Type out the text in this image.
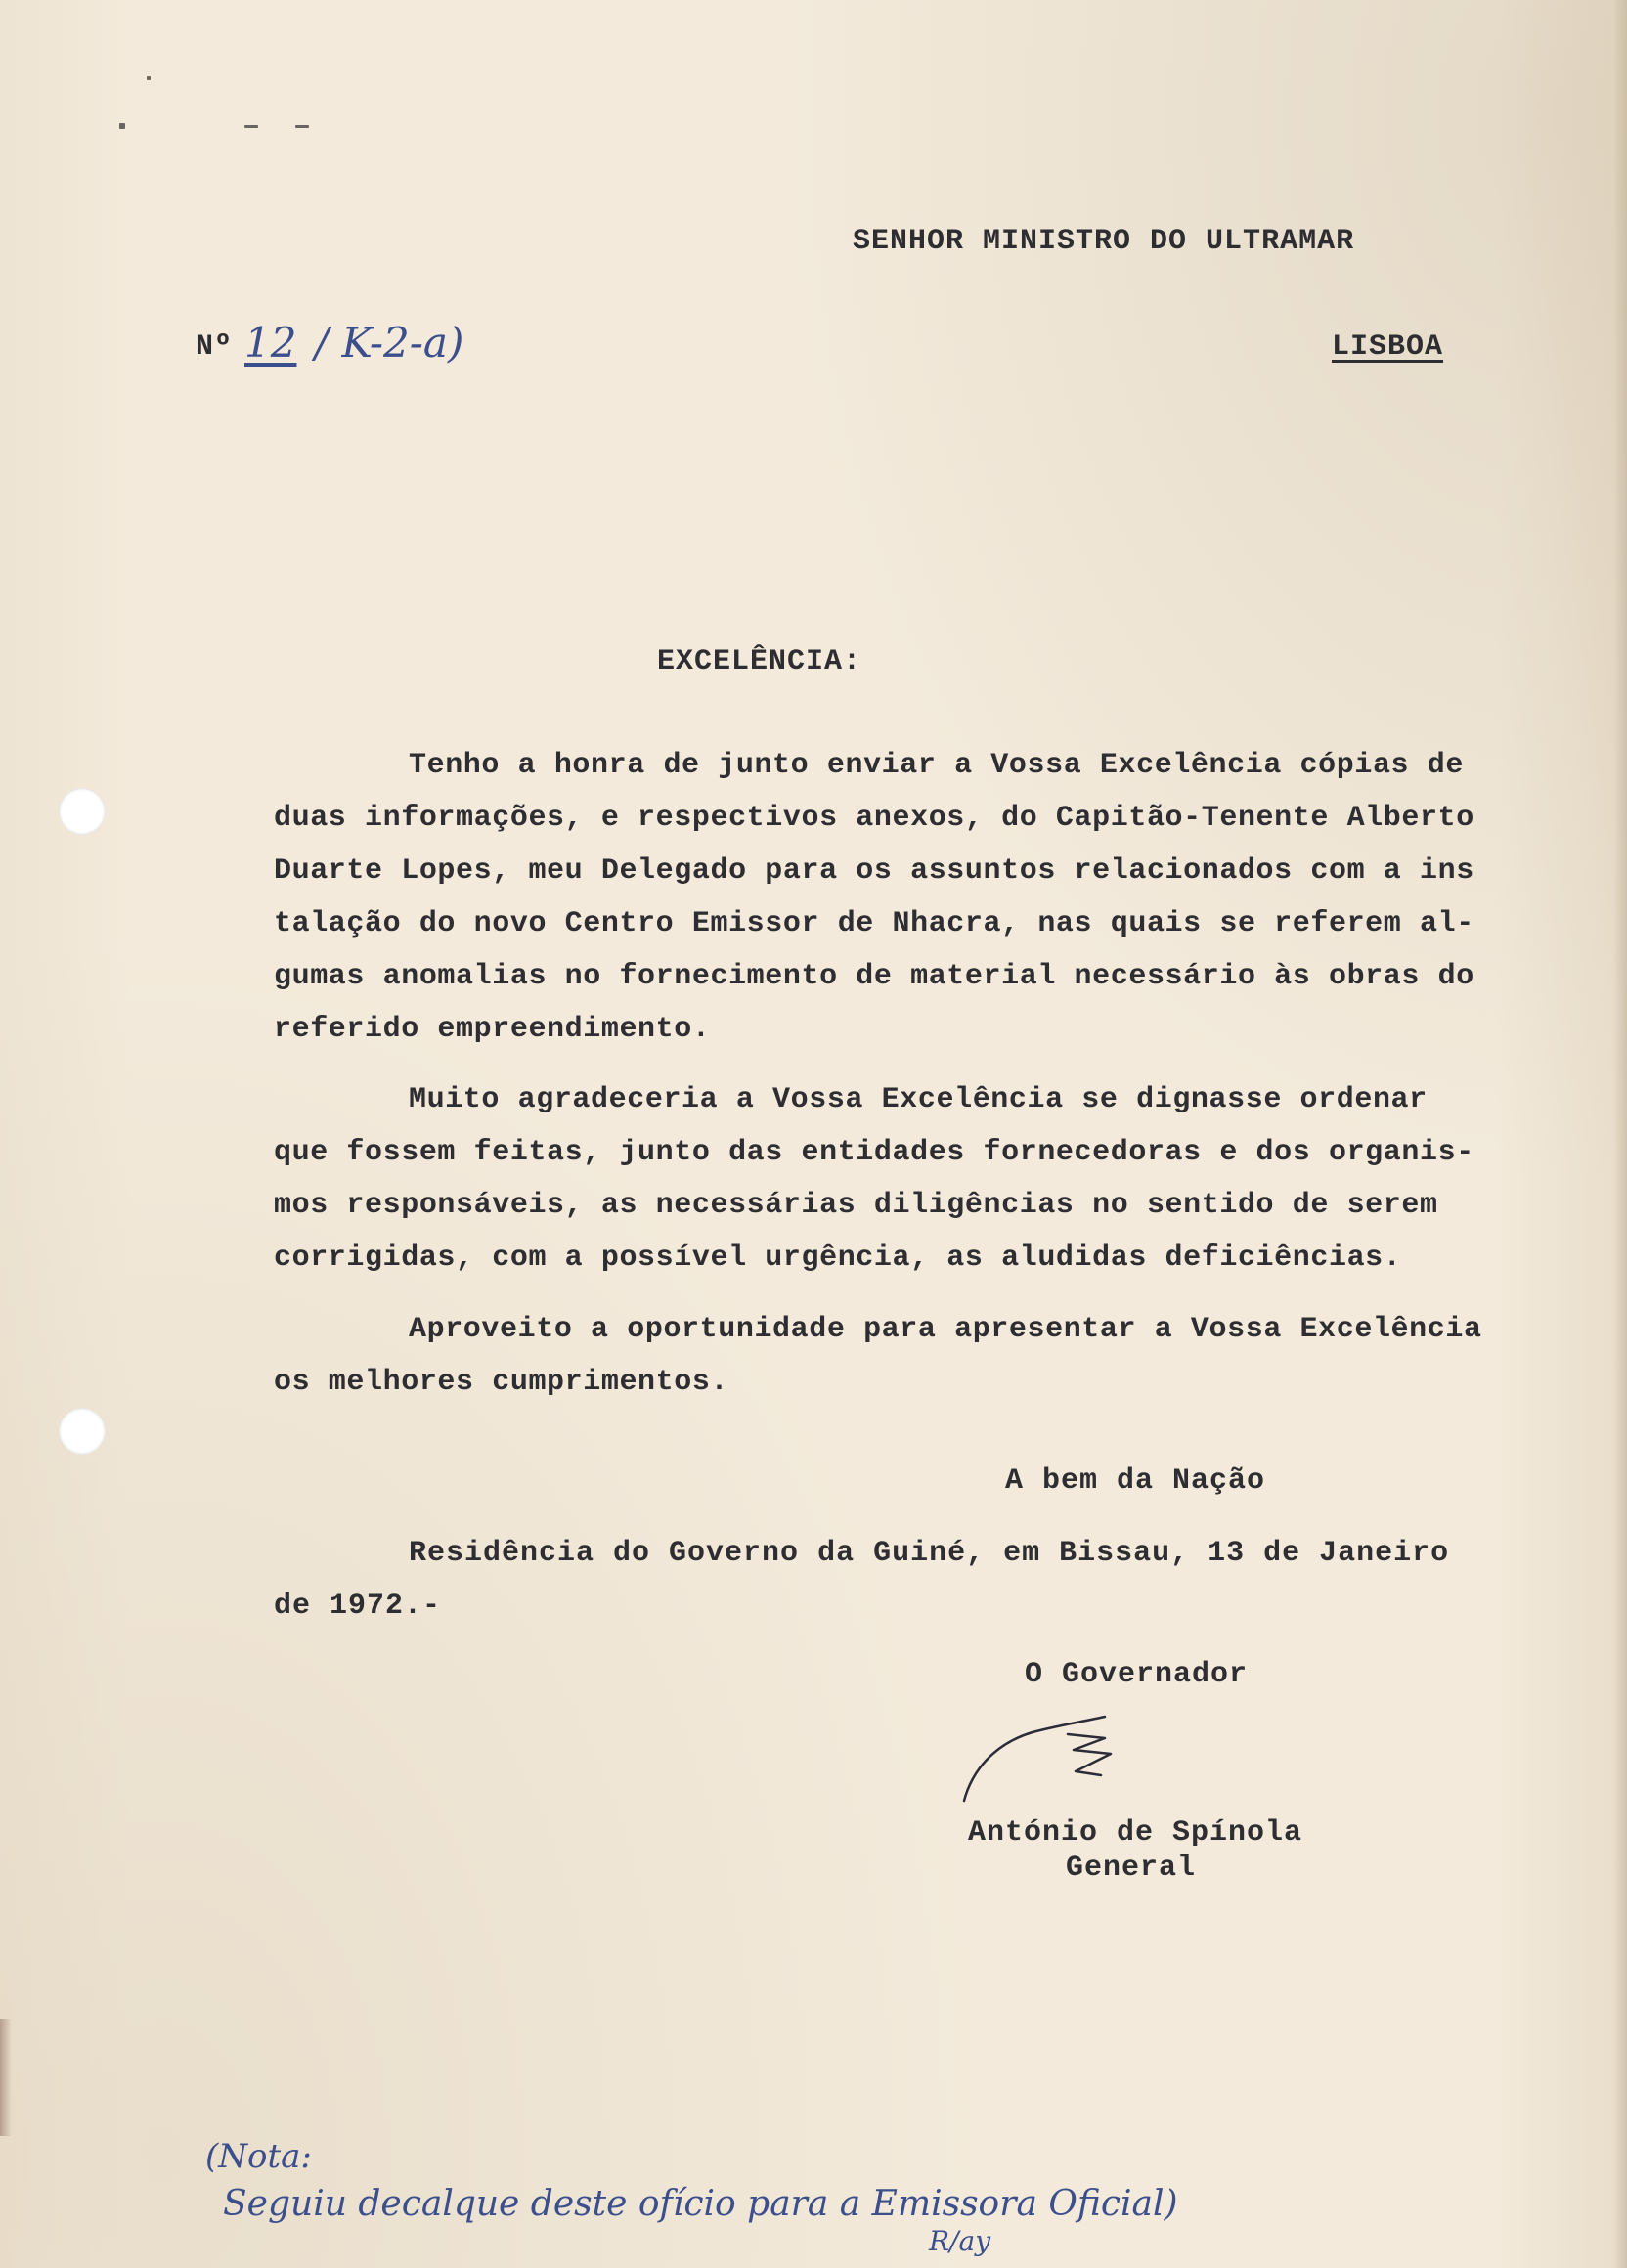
SENHOR MINISTRO DO ULTRAMAR
Nº 12 / K-2-a)	LISBOA
EXCELÊNCIA:
Tenho a honra de junto enviar a Vossa Excelência cópias de
duas informações, e respectivos anexos, do Capitão-Tenente Alberto
Duarte Lopes, meu Delegado para os assuntos relacionados com a ins
talação do novo Centro Emissor de Nhacra, nas quais se referem al-
gumas anomalias no fornecimento de material necessário às obras do
referido empreendimento.
Muito agradeceria a Vossa Excelência se dignasse ordenar
que fossem feitas, junto das entidades fornecedoras e dos organis-
mos responsáveis, as necessárias diligências no sentido de serem
corrigidas, com a possível urgência, as aludidas deficiências.
Aproveito a oportunidade para apresentar a Vossa Excelência
os melhores cumprimentos.
A bem da Nação
Residência do Governo da Guiné, em Bissau, 13 de Janeiro
de 1972.-
O Governador
António de Spínola
General
(Nota:
Seguiu decalque deste ofício para a Emissora Oficial)
R/ay
